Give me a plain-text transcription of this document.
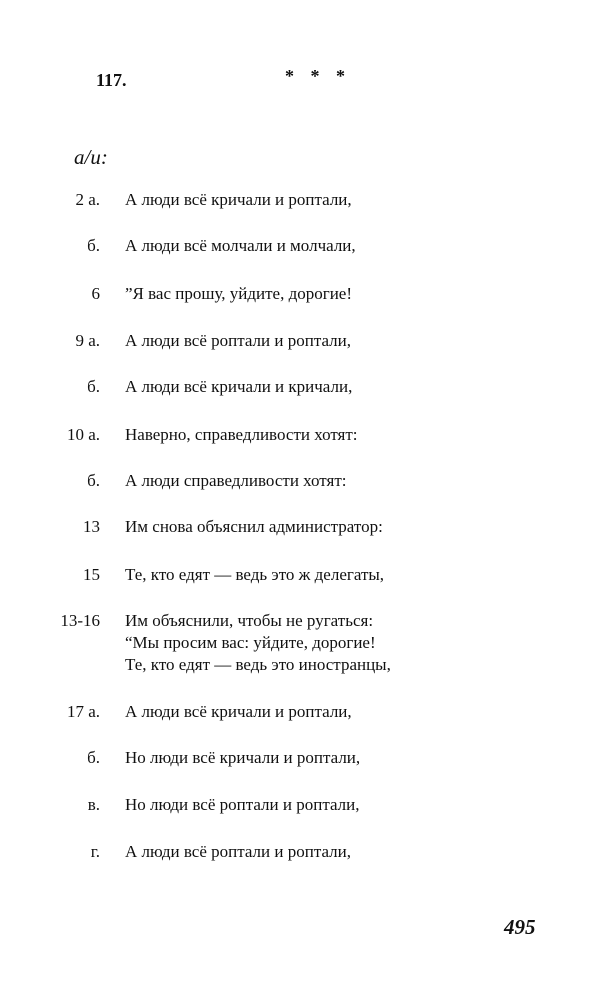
117.	* * *
а/и:
2 а. А люди всё кричали и роптали,
б. А люди всё молчали и молчали,
6 ”Я вас прошу, уйдите, дорогие!
9 а. А люди всё роптали и роптали,
б. А люди всё кричали и кричали,
10 а. Наверно, справедливости хотят:
б. А люди справедливости хотят:
13 Им снова объяснил администратор:
15 Те, кто едят — ведь это ж делегаты,
13-16 Им объяснили, чтобы не ругаться:
“Мы просим вас: уйдите, дорогие!
Те, кто едят — ведь это иностранцы,
17 а. А люди всё кричали и роптали,
б. Но люди всё кричали и роптали,
в. Но люди всё роптали и роптали,
г. А люди всё роптали и роптали,
495
